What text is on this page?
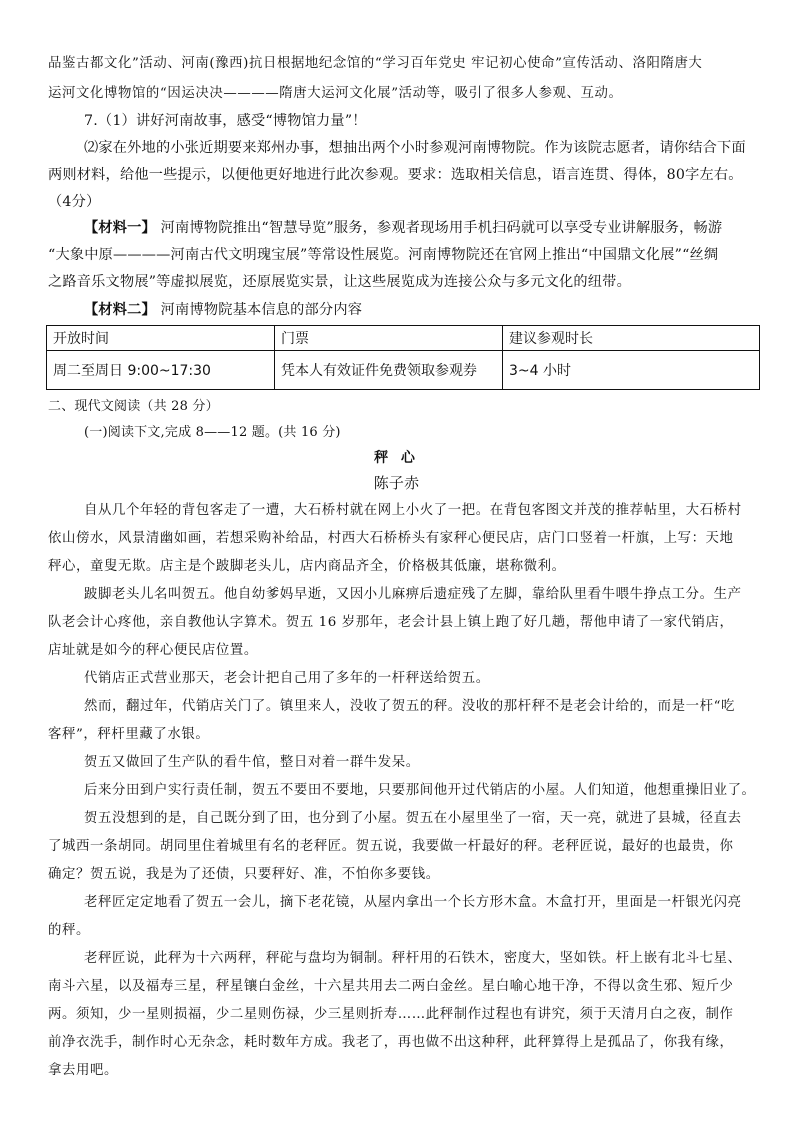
品鉴古都文化”活动、河南(豫西)抗日根据地纪念馆的“学习百年党史 牢记初心使命”宣传活动、洛阳隋唐大
运河文化博物馆的“因运决决————隋唐大运河文化展”活动等，吸引了很多人参观、互动。
7.（1）讲好河南故事，感受“博物馆力量”！
⑵家在外地的小张近期要来郑州办事，想抽出两个小时参观河南博物院。作为该院志愿者，请你结合下面
两则材料，给他一些提示，以便他更好地进行此次参观。要求：选取相关信息，语言连贯、得体，80字左右。
（4分）
【材料一】 河南博物院推出“智慧导览”服务，参观者现场用手机扫码就可以享受专业讲解服务，畅游
“大象中原————河南古代文明瑰宝展”等常设性展览。河南博物院还在官网上推出“中国鼎文化展”“丝绸
之路音乐文物展”等虚拟展览，还原展览实景，让这些展览成为连接公众与多元文化的纽带。
【材料二】 河南博物院基本信息的部分内容
开放时间	门票	建议参观时长
周二至周日 9:00~17:30	凭本人有效证件免费领取参观券	3~4 小时
二、现代文阅读（共 28 分）
(一)阅读下文,完成 8——12 题。(共 16 分)
秤 心
陈子赤
自从几个年轻的背包客走了一遭，大石桥村就在网上小火了一把。在背包客图文并茂的推荐帖里，大石桥村
依山傍水，风景清幽如画，若想采购补给品，村西大石桥桥头有家秤心便民店，店门口竖着一杆旗，上写：天地
秤心，童叟无欺。店主是个跛脚老头儿，店内商品齐全，价格极其低廉，堪称微利。
跛脚老头儿名叫贺五。他自幼爹妈早逝，又因小儿麻痹后遗症残了左脚，靠给队里看牛喂牛挣点工分。生产
队老会计心疼他，亲自教他认字算术。贺五 16 岁那年，老会计县上镇上跑了好几趟，帮他申请了一家代销店，
店址就是如今的秤心便民店位置。
代销店正式营业那天，老会计把自己用了多年的一杆秤送给贺五。
然而，翻过年，代销店关门了。镇里来人，没收了贺五的秤。没收的那杆秤不是老会计给的，而是一杆“吃
客秤”，秤杆里藏了水银。
贺五又做回了生产队的看牛倌，整日对着一群牛发呆。
后来分田到户实行责任制，贺五不要田不要地，只要那间他开过代销店的小屋。人们知道，他想重操旧业了。
贺五没想到的是，自己既分到了田，也分到了小屋。贺五在小屋里坐了一宿，天一亮，就进了县城，径直去
了城西一条胡同。胡同里住着城里有名的老秤匠。贺五说，我要做一杆最好的秤。老秤匠说，最好的也最贵，你
确定？贺五说，我是为了还债，只要秤好、准，不怕你多要钱。
老秤匠定定地看了贺五一会儿，摘下老花镜，从屋内拿出一个长方形木盒。木盒打开，里面是一杆银光闪亮
的秤。
老秤匠说，此秤为十六两秤，秤砣与盘均为铜制。秤杆用的石铁木，密度大，坚如铁。杆上嵌有北斗七星、
南斗六星，以及福寿三星，秤星镶白金丝，十六星共用去二两白金丝。星白喻心地干净，不得以贪生邪、短斤少
两。须知，少一星则损福，少二星则伤禄，少三星则折寿……此秤制作过程也有讲究，须于天清月白之夜，制作
前净衣洗手，制作时心无杂念，耗时数年方成。我老了，再也做不出这种秤，此秤算得上是孤品了，你我有缘，
拿去用吧。
